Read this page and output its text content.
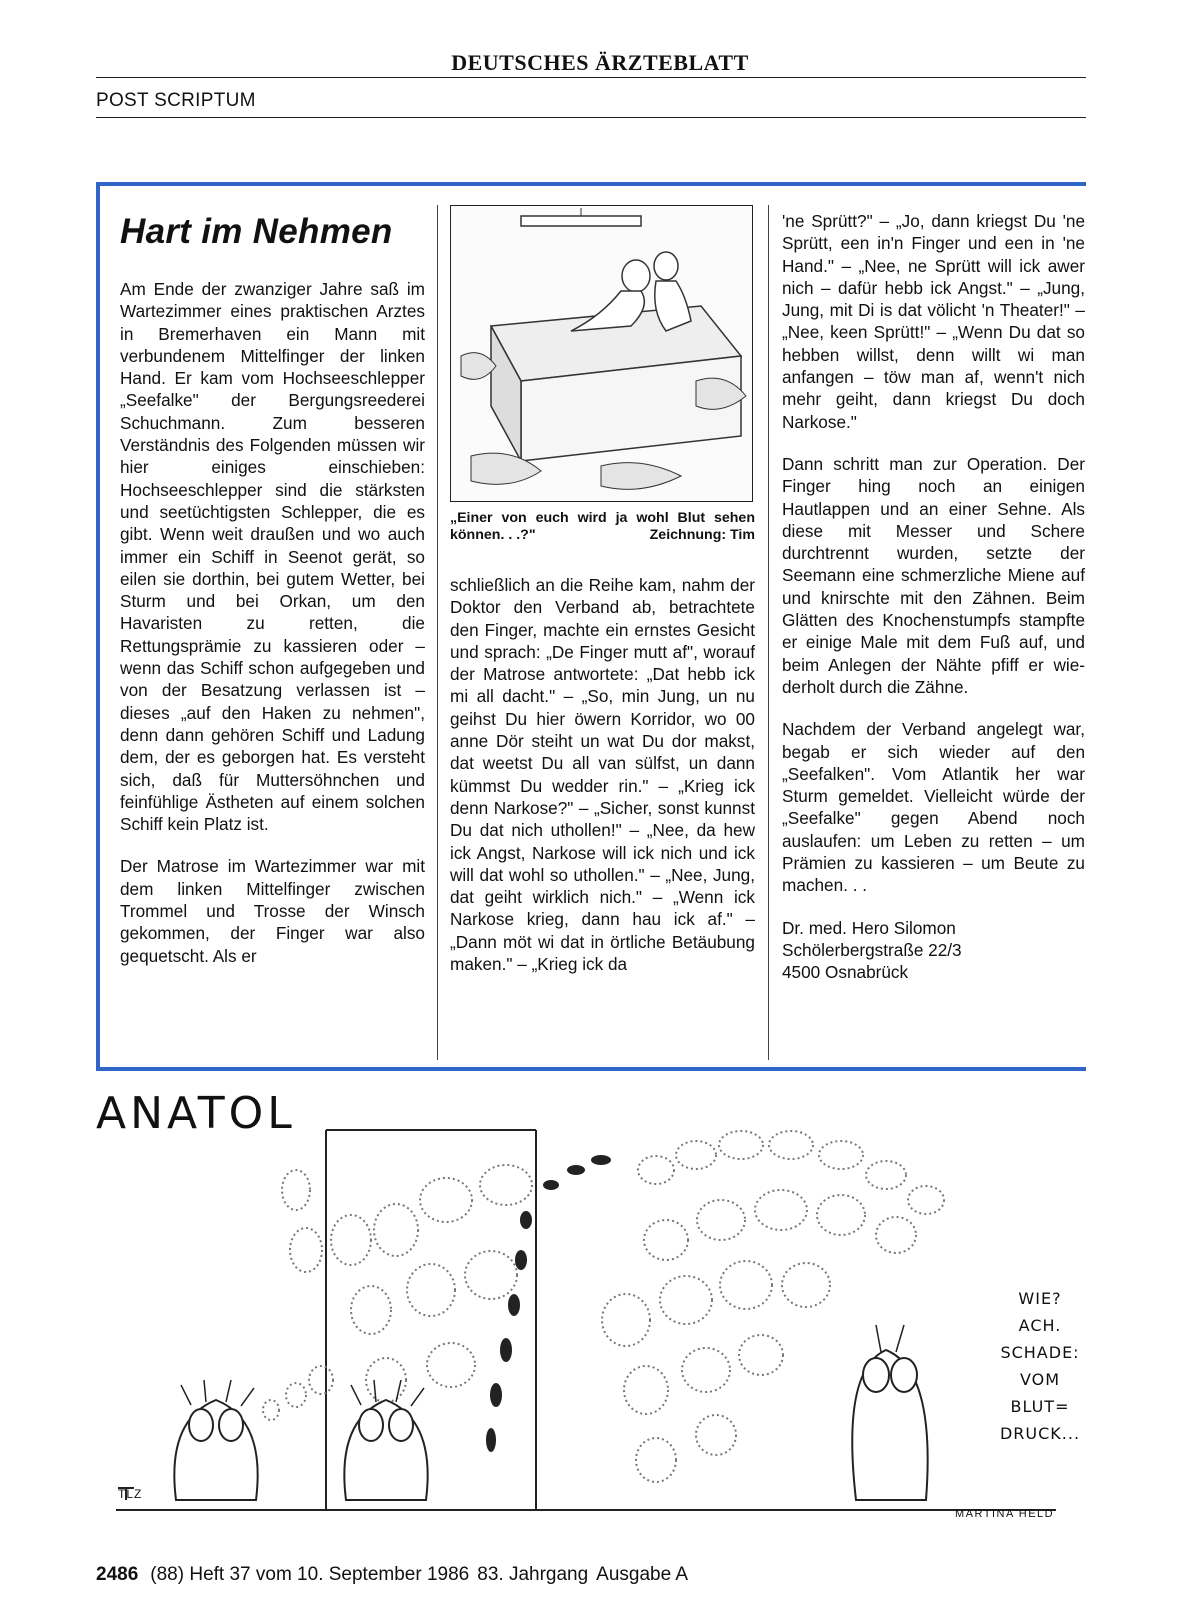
DEUTSCHES ÄRZTEBLATT
POST SCRIPTUM
Hart im Nehmen

Am Ende der zwanziger Jahre saß im Wartezimmer eines praktischen Arztes in Bremerhaven ein Mann mit verbundenem Mittelfinger der linken Hand. Er kam vom Hochseeschlepper „Seefalke" der Bergungsreederei Schuchmann. Zum besseren Verständnis des Folgenden müssen wir hier einiges einschieben: Hochseeschlepper sind die stärksten und seetüchtigsten Schlepper, die es gibt. Wenn weit draußen und wo auch immer ein Schiff in Seenot gerät, so eilen sie dorthin, bei gutem Wetter, bei Sturm und bei Orkan, um den Havaristen zu retten, die Rettungsprämie zu kassieren oder – wenn das Schiff schon aufgegeben und von der Besatzung verlassen ist – dieses „auf den Haken zu nehmen", denn dann gehören Schiff und Ladung dem, der es geborgen hat. Es versteht sich, daß für Muttersöhnchen und feinfühlige Ästheten auf einem solchen Schiff kein Platz ist.

Der Matrose im Wartezimmer war mit dem linken Mittelfinger zwischen Trommel und Trosse der Winsch gekommen, der Finger war also gequetscht. Als er

„Einer von euch wird ja wohl Blut sehen können. . .?"	Zeichnung: Tim

schließlich an die Reihe kam, nahm der Doktor den Verband ab, betrachtete den Finger, machte ein ernstes Gesicht und sprach: „De Finger mutt af", worauf der Matrose antwortete: „Dat hebb ick mi all dacht." – „So, min Jung, un nu geihst Du hier öwern Korridor, wo 00 anne Dör steiht un wat Du dor makst, dat weetst Du all van sülfst, un dann kümmst Du wedder rin." – „Krieg ick denn Narkose?" – „Sicher, sonst kunnst Du dat nich uthollen!" – „Nee, da hew ick Angst, Narkose will ick nich und ick will dat wohl so uthollen." – „Nee, Jung, dat geiht wirklich nich." – „Wenn ick Narkose krieg, dann hau ick af." – „Dann möt wi dat in örtliche Betäubung maken." – „Krieg ick da

'ne Sprütt?" – „Jo, dann kriegst Du 'ne Sprütt, een in'n Finger und een in 'ne Hand." – „Nee, ne Sprütt will ick awer nich – dafür hebb ick Angst." – „Jung, Jung, mit Di is dat völicht 'n Theater!" – „Nee, keen Sprütt!" – „Wenn Du dat so hebben willst, denn willt wi man anfangen – töw man af, wenn't nich mehr geiht, dann kriegst Du doch Narkose."

Dann schritt man zur Operation. Der Finger hing noch an einigen Hautlappen und an einer Sehne. Als diese mit Messer und Schere durchtrennt wurden, setzte der Seemann eine schmerzliche Miene auf und knirschte mit den Zähnen. Beim Glätten des Knochenstumpfs stampfte er einige Male mit dem Fuß auf, und beim Anlegen der Nähte pfiff er wiederholt durch die Zähne.

Nachdem der Verband angelegt war, begab er sich wieder auf den „Seefalken". Vom Atlantik her war Sturm gemeldet. Vielleicht würde der „Seefalke" gegen Abend noch auslaufen: um Leben zu retten – um Prämien zu kassieren – um Beute zu machen. . .

Dr. med. Hero Silomon
Schölerbergstraße 22/3
4500 Osnabrück
ANATOL
WIE?
ACH.
SCHADE:
VOM
BLUT=
DRUCK...
TLZ
MARTINA HELD
2486 (88) Heft 37 vom 10. September 1986 83. Jahrgang Ausgabe A
